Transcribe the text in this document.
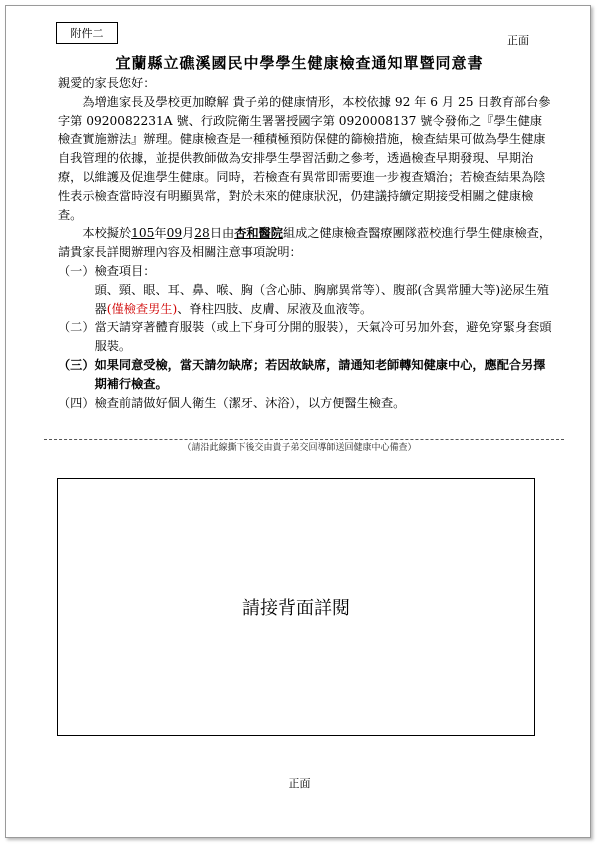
附件二
正面
宜蘭縣立礁溪國民中學學生健康檢查通知單暨同意書

親愛的家長您好：

為增進家長及學校更加瞭解 貴子弟的健康情形，本校依據 92 年 6 月 25 日教育部台參字第 0920082231A 號、行政院衛生署署授國字第 0920008137 號令發佈之『學生健康檢查實施辦法』辦理。健康檢查是一種積極預防保健的篩檢措施，檢查結果可做為學生健康自我管理的依據，並提供教師做為安排學生學習活動之參考，透過檢查早期發現、早期治療，以維護及促進學生健康。同時，若檢查有異常即需要進一步複查矯治；若檢查結果為陰性表示檢查當時沒有明顯異常，對於未來的健康狀況，仍建議持續定期接受相關之健康檢查。

本校擬於105年09月28日由杏和醫院組成之健康檢查醫療團隊蒞校進行學生健康檢查，請貴家長詳閱辦理內容及相關注意事項說明：

（一） 檢查項目：
頭、頸、眼、耳、鼻、喉、胸（含心肺、胸廓異常等）、腹部(含異常腫大等)泌尿生殖器(僅檢查男生)、脊柱四肢、皮膚、尿液及血液等。
（二） 當天請穿著體育服裝（或上下身可分開的服裝），天氣冷可另加外套，避免穿緊身套頭服裝。
（三） 如果同意受檢，當天請勿缺席；若因故缺席，請通知老師轉知健康中心，應配合另擇期補行檢查。
（四） 檢查前請做好個人衛生（潔牙、沐浴），以方便醫生檢查。
（請沿此線撕下後交由貴子弟交回導師送回健康中心備查）
請接背面詳閱
正面
